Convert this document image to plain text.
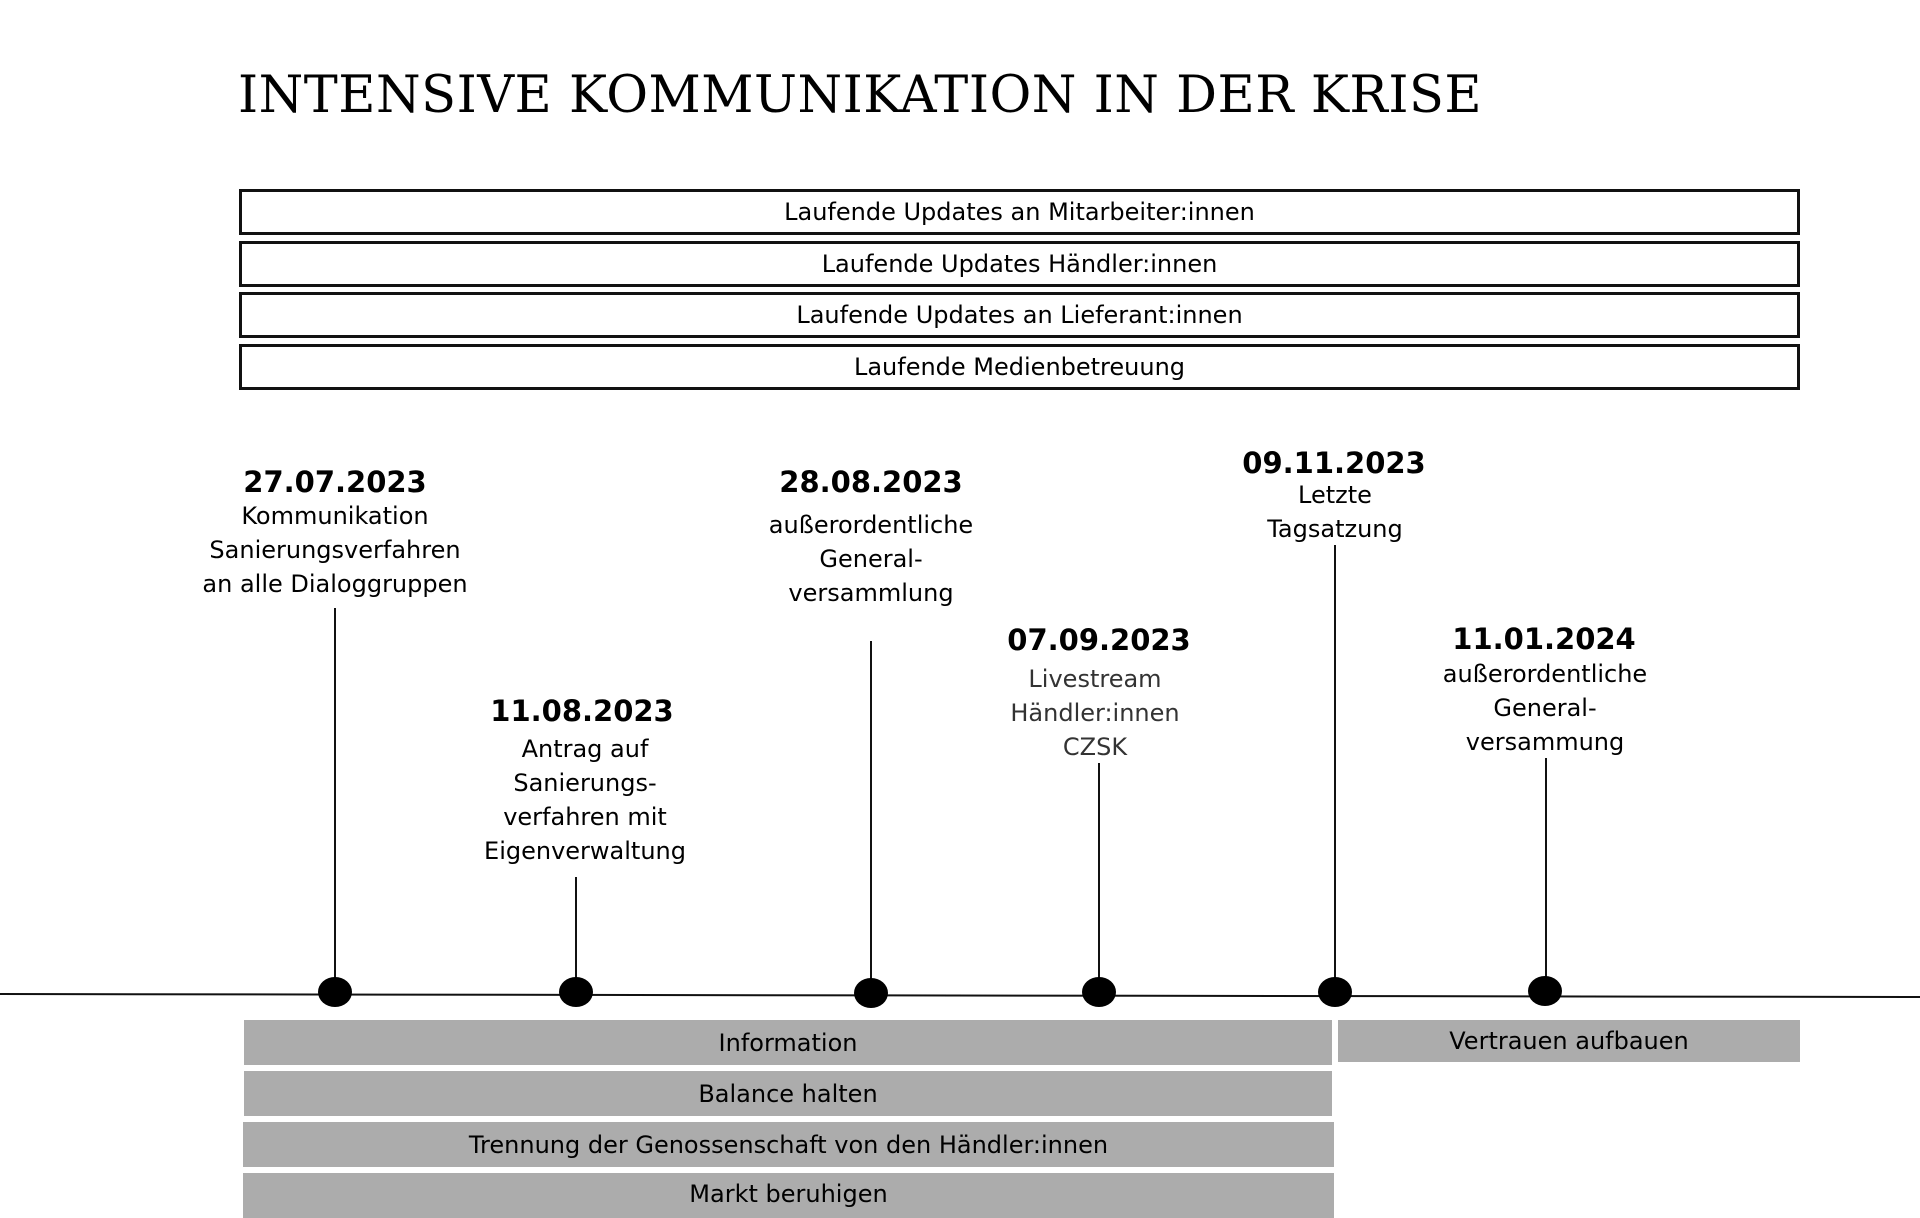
INTENSIVE KOMMUNIKATION IN DER KRISE
Laufende Updates an Mitarbeiter:innen
Laufende Updates Händler:innen
Laufende Updates an Lieferant:innen
Laufende Medienbetreuung
27.07.2023
Kommunikation
Sanierungsverfahren
an alle Dialoggruppen
11.08.2023
Antrag auf
Sanierungs-
verfahren mit
Eigenverwaltung
28.08.2023
außerordentliche
General-
versammlung
07.09.2023
Livestream
Händler:innen
CZSK
09.11.2023
Letzte
Tagsatzung
11.01.2024
außerordentliche
General-
versammung
Information
Balance halten
Trennung der Genossenschaft von den Händler:innen
Markt beruhigen
Vertrauen aufbauen
